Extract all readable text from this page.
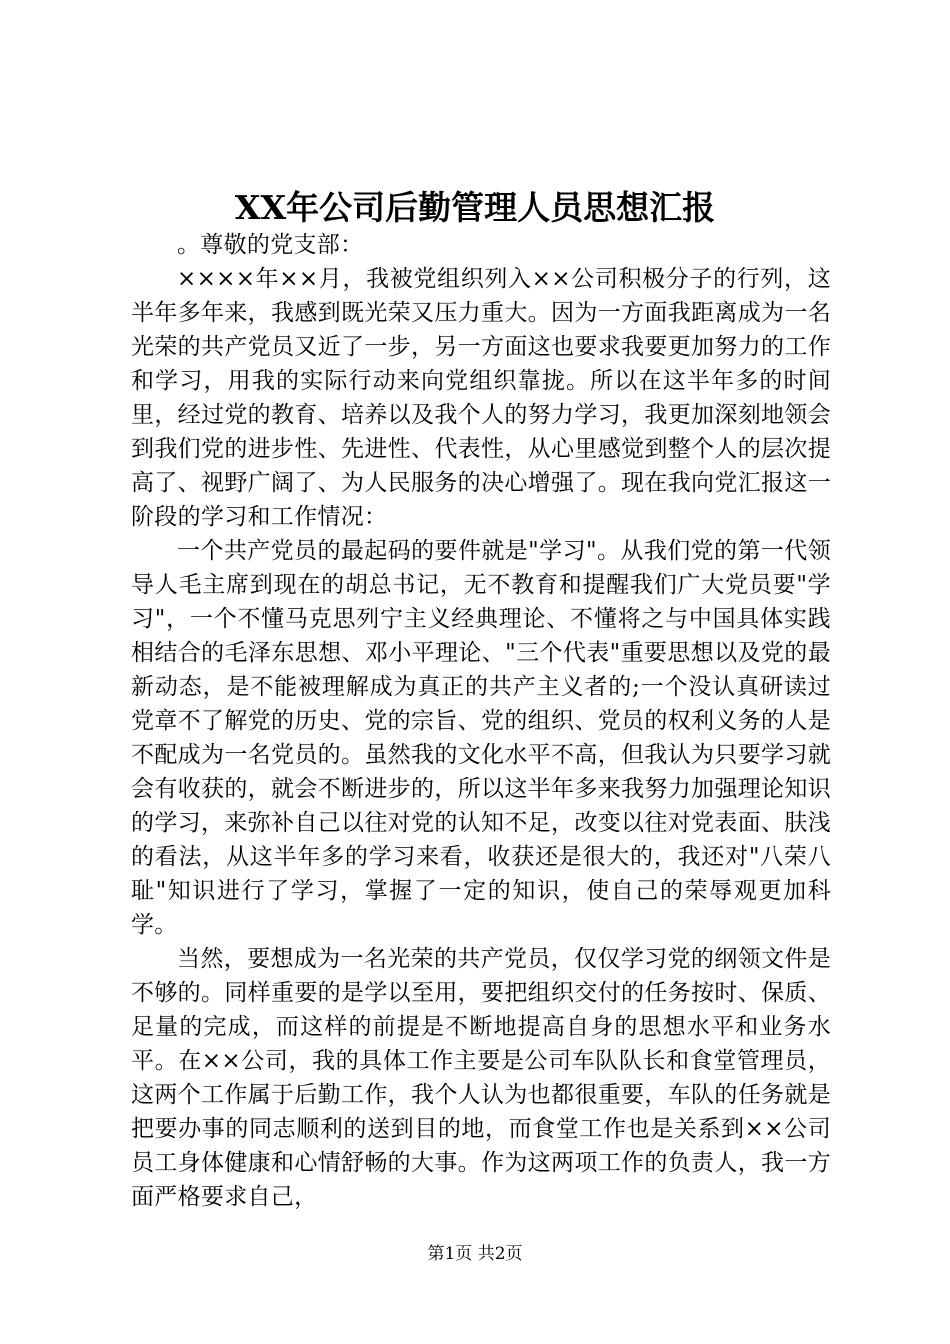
XX年公司后勤管理人员思想汇报

。尊敬的党支部：

××××年××月，我被党组织列入××公司积极分子的行列，这半年多年来，我感到既光荣又压力重大。因为一方面我距离成为一名光荣的共产党员又近了一步，另一方面这也要求我要更加努力的工作和学习，用我的实际行动来向党组织靠拢。所以在这半年多的时间里，经过党的教育、培养以及我个人的努力学习，我更加深刻地领会到我们党的进步性、先进性、代表性，从心里感觉到整个人的层次提高了、视野广阔了、为人民服务的决心增强了。现在我向党汇报这一阶段的学习和工作情况：

一个共产党员的最起码的要件就是"学习"。从我们党的第一代领导人毛主席到现在的胡总书记，无不教育和提醒我们广大党员要"学习"，一个不懂马克思列宁主义经典理论、不懂将之与中国具体实践相结合的毛泽东思想、邓小平理论、"三个代表"重要思想以及党的最新动态，是不能被理解成为真正的共产主义者的;一个没认真研读过党章不了解党的历史、党的宗旨、党的组织、党员的权利义务的人是不配成为一名党员的。虽然我的文化水平不高，但我认为只要学习就会有收获的，就会不断进步的，所以这半年多来我努力加强理论知识的学习，来弥补自己以往对党的认知不足，改变以往对党表面、肤浅的看法，从这半年多的学习来看，收获还是很大的，我还对"八荣八耻"知识进行了学习，掌握了一定的知识，使自己的荣辱观更加科学。

当然，要想成为一名光荣的共产党员，仅仅学习党的纲领文件是不够的。同样重要的是学以至用，要把组织交付的任务按时、保质、足量的完成，而这样的前提是不断地提高自身的思想水平和业务水平。在××公司，我的具体工作主要是公司车队队长和食堂管理员，这两个工作属于后勤工作，我个人认为也都很重要，车队的任务就是把要办事的同志顺利的送到目的地，而食堂工作也是关系到××公司员工身体健康和心情舒畅的大事。作为这两项工作的负责人，我一方面严格要求自己，

第1页 共2页
